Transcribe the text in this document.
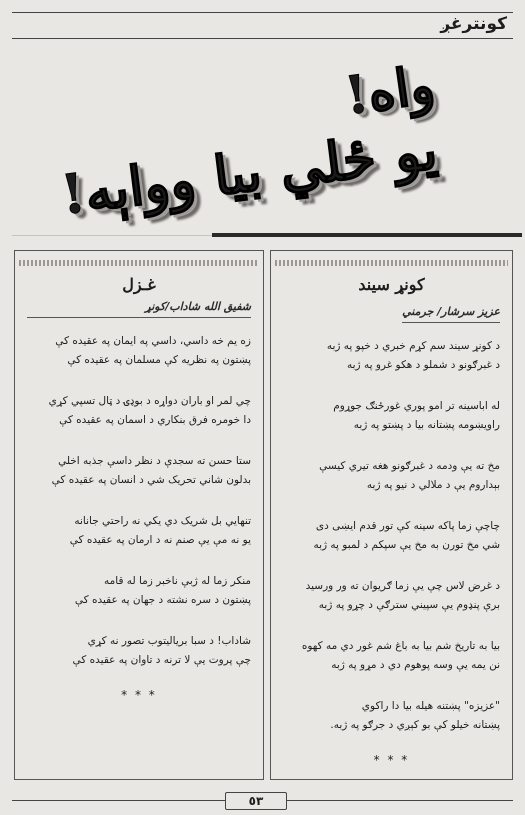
کونترغږ
واه!
یو ځلي بیا وواېه!
کونړ سیند
عزیز سرشار/ جرمني
د کونړ سیند سم کړم خبري د خپو په ژبه
د غبرګونو د شملو د هکو غرو په ژبه
له اباسینه تر امو پوري غورځنګ جوړوم
راویښومه پښتانه بیا د پښتو په ژبه
مخ ته یې ودمه د غبرګونو هغه تیري کیسې
بېداروم یې د ملالي د نیو په ژبه
چاچې زما پاکه سینه کې تور قدم ایښی دی
شي مخ تورن به مخ یې سپکم د لمبو په ژبه
د غرض لاس چې یې زما ګریوان ته ور ورسید
برې پنډوم یې سپیني سترګې د چړو په ژبه
بیا به تاریخ شم بیا به باغ شم غور دي مه کهوه
نن یمه یې وسه پوهوم دي د مړو په ژبه
"عزیزه" پښتنه هیله بیا دا راکوي
پښتانه خیلو کې بو کېږي د جرګو په ژبه.
* * *
غـزل
شفیق الله شاداب/کونړ
زه یم خه داسي، داسي په ایمان په عقیده کې
پښتون په نظریه کې مسلمان په عقیده کې
چي لمر او باران دواړه د بوډۍ د ټال تسپي کړي
دا خومره فرق بنکاري د اسمان په عقیده کې
ستا حسن ته سجدې د نظر داسې جذبه اخلي
بدلون شاني تحریک شي د انسان په عقیده کې
تنهایي بل شریک دي یکي نه راحتي جانانه
یو نه مې یې صنم نه د ارمان په عقیده کې
منکر زما له ژبې ناخبر زما له قامه
پښتون د سره نشته د جهان په عقیده کې
شاداب! د سبا بریالیتوب تصور نه کړي
چې پروت یې لا ترنه د تاوان په عقیده کې
* * *
٥٣
